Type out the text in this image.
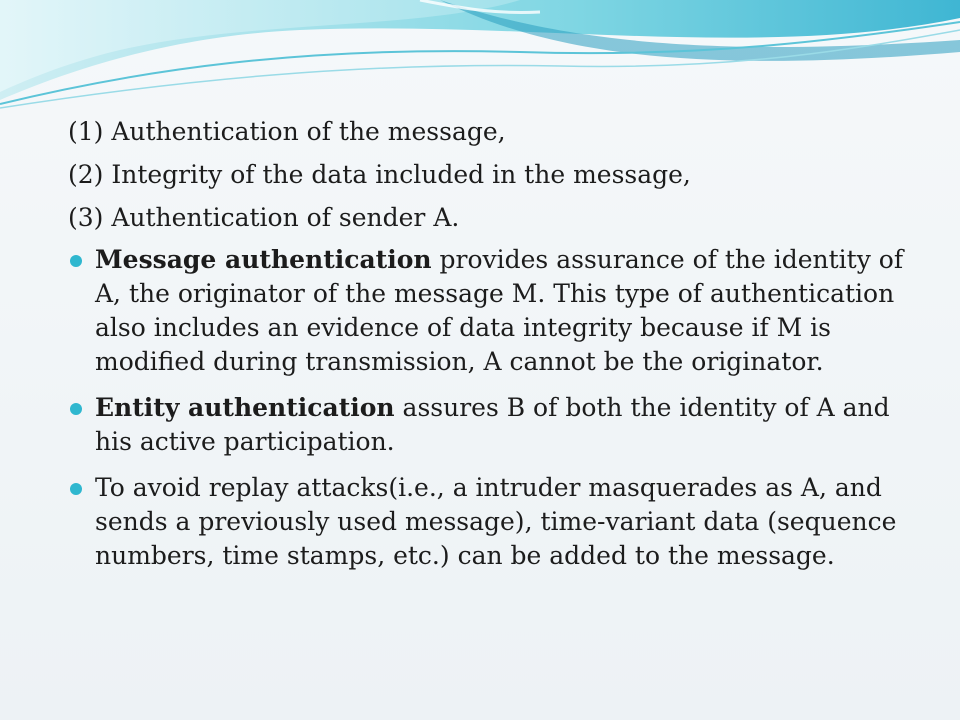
(1) Authentication of the message,

(2) Integrity of the data included in the message,

(3) Authentication of sender A.

Message authentication provides assurance of the identity of A, the originator of the message M. This type of authentication also includes an evidence of data integrity because if M is modified during transmission, A cannot be the originator.
Entity authentication assures B of both the identity of A and his active participation.
To avoid replay attacks(i.e., a intruder masquerades as A, and sends a previously used message), time-variant data (sequence numbers, time stamps, etc.) can be added to the message.
